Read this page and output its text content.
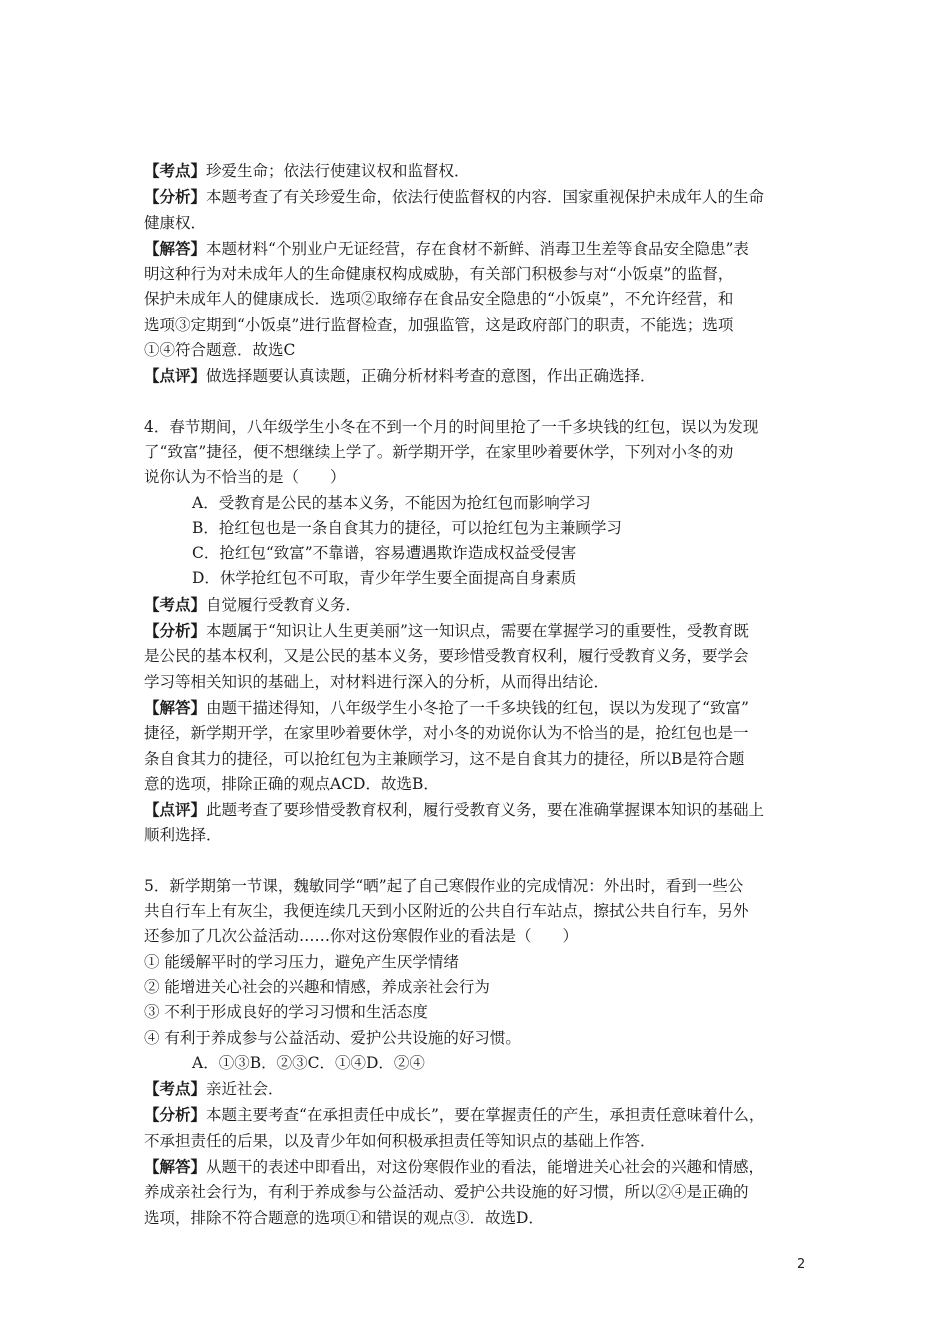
【考点】珍爱生命；依法行使建议权和监督权．
【分析】本题考查了有关珍爱生命，依法行使监督权的内容．国家重视保护未成年人的生命
健康权．
【解答】本题材料“个别业户无证经营，存在食材不新鲜、消毒卫生差等食品安全隐患”表
明这种行为对未成年人的生命健康权构成威胁，有关部门积极参与对“小饭桌”的监督，
保护未成年人的健康成长．选项②取缔存在食品安全隐患的“小饭桌”，不允许经营，和
选项③定期到“小饭桌”进行监督检查，加强监管，这是政府部门的职责，不能选；选项
①④符合题意．故选C
【点评】做选择题要认真读题，正确分析材料考查的意图，作出正确选择．
4．春节期间，八年级学生小冬在不到一个月的时间里抢了一千多块钱的红包，误以为发现
了“致富”捷径，便不想继续上学了。新学期开学，在家里吵着要休学，下列对小冬的劝
说你认为不恰当的是（　　）
A．受教育是公民的基本义务，不能因为抢红包而影响学习
B．抢红包也是一条自食其力的捷径，可以抢红包为主兼顾学习
C．抢红包“致富”不靠谱，容易遭遇欺诈造成权益受侵害
D．休学抢红包不可取，青少年学生要全面提高自身素质
【考点】自觉履行受教育义务．
【分析】本题属于“知识让人生更美丽”这一知识点，需要在掌握学习的重要性，受教育既
是公民的基本权利，又是公民的基本义务，要珍惜受教育权利，履行受教育义务，要学会
学习等相关知识的基础上，对材料进行深入的分析，从而得出结论．
【解答】由题干描述得知，八年级学生小冬抢了一千多块钱的红包，误以为发现了“致富”
捷径，新学期开学，在家里吵着要休学，对小冬的劝说你认为不恰当的是，抢红包也是一
条自食其力的捷径，可以抢红包为主兼顾学习，这不是自食其力的捷径，所以B是符合题
意的选项，排除正确的观点ACD．故选B．
【点评】此题考查了要珍惜受教育权利，履行受教育义务，要在准确掌握课本知识的基础上
顺利选择．
5．新学期第一节课，魏敏同学“晒”起了自己寒假作业的完成情况：外出时，看到一些公
共自行车上有灰尘，我便连续几天到小区附近的公共自行车站点，擦拭公共自行车，另外
还参加了几次公益活动……你对这份寒假作业的看法是（　　）
① 能缓解平时的学习压力，避免产生厌学情绪
② 能增进关心社会的兴趣和情感，养成亲社会行为
③ 不利于形成良好的学习习惯和生活态度
④ 有利于养成参与公益活动、爱护公共设施的好习惯。
A．①③B．②③C．①④D．②④
【考点】亲近社会．
【分析】本题主要考查“在承担责任中成长”，要在掌握责任的产生，承担责任意味着什么，
不承担责任的后果，以及青少年如何积极承担责任等知识点的基础上作答．
【解答】从题干的表述中即看出，对这份寒假作业的看法，能增进关心社会的兴趣和情感，
养成亲社会行为，有利于养成参与公益活动、爱护公共设施的好习惯，所以②④是正确的
选项，排除不符合题意的选项①和错误的观点③．故选D．
2
